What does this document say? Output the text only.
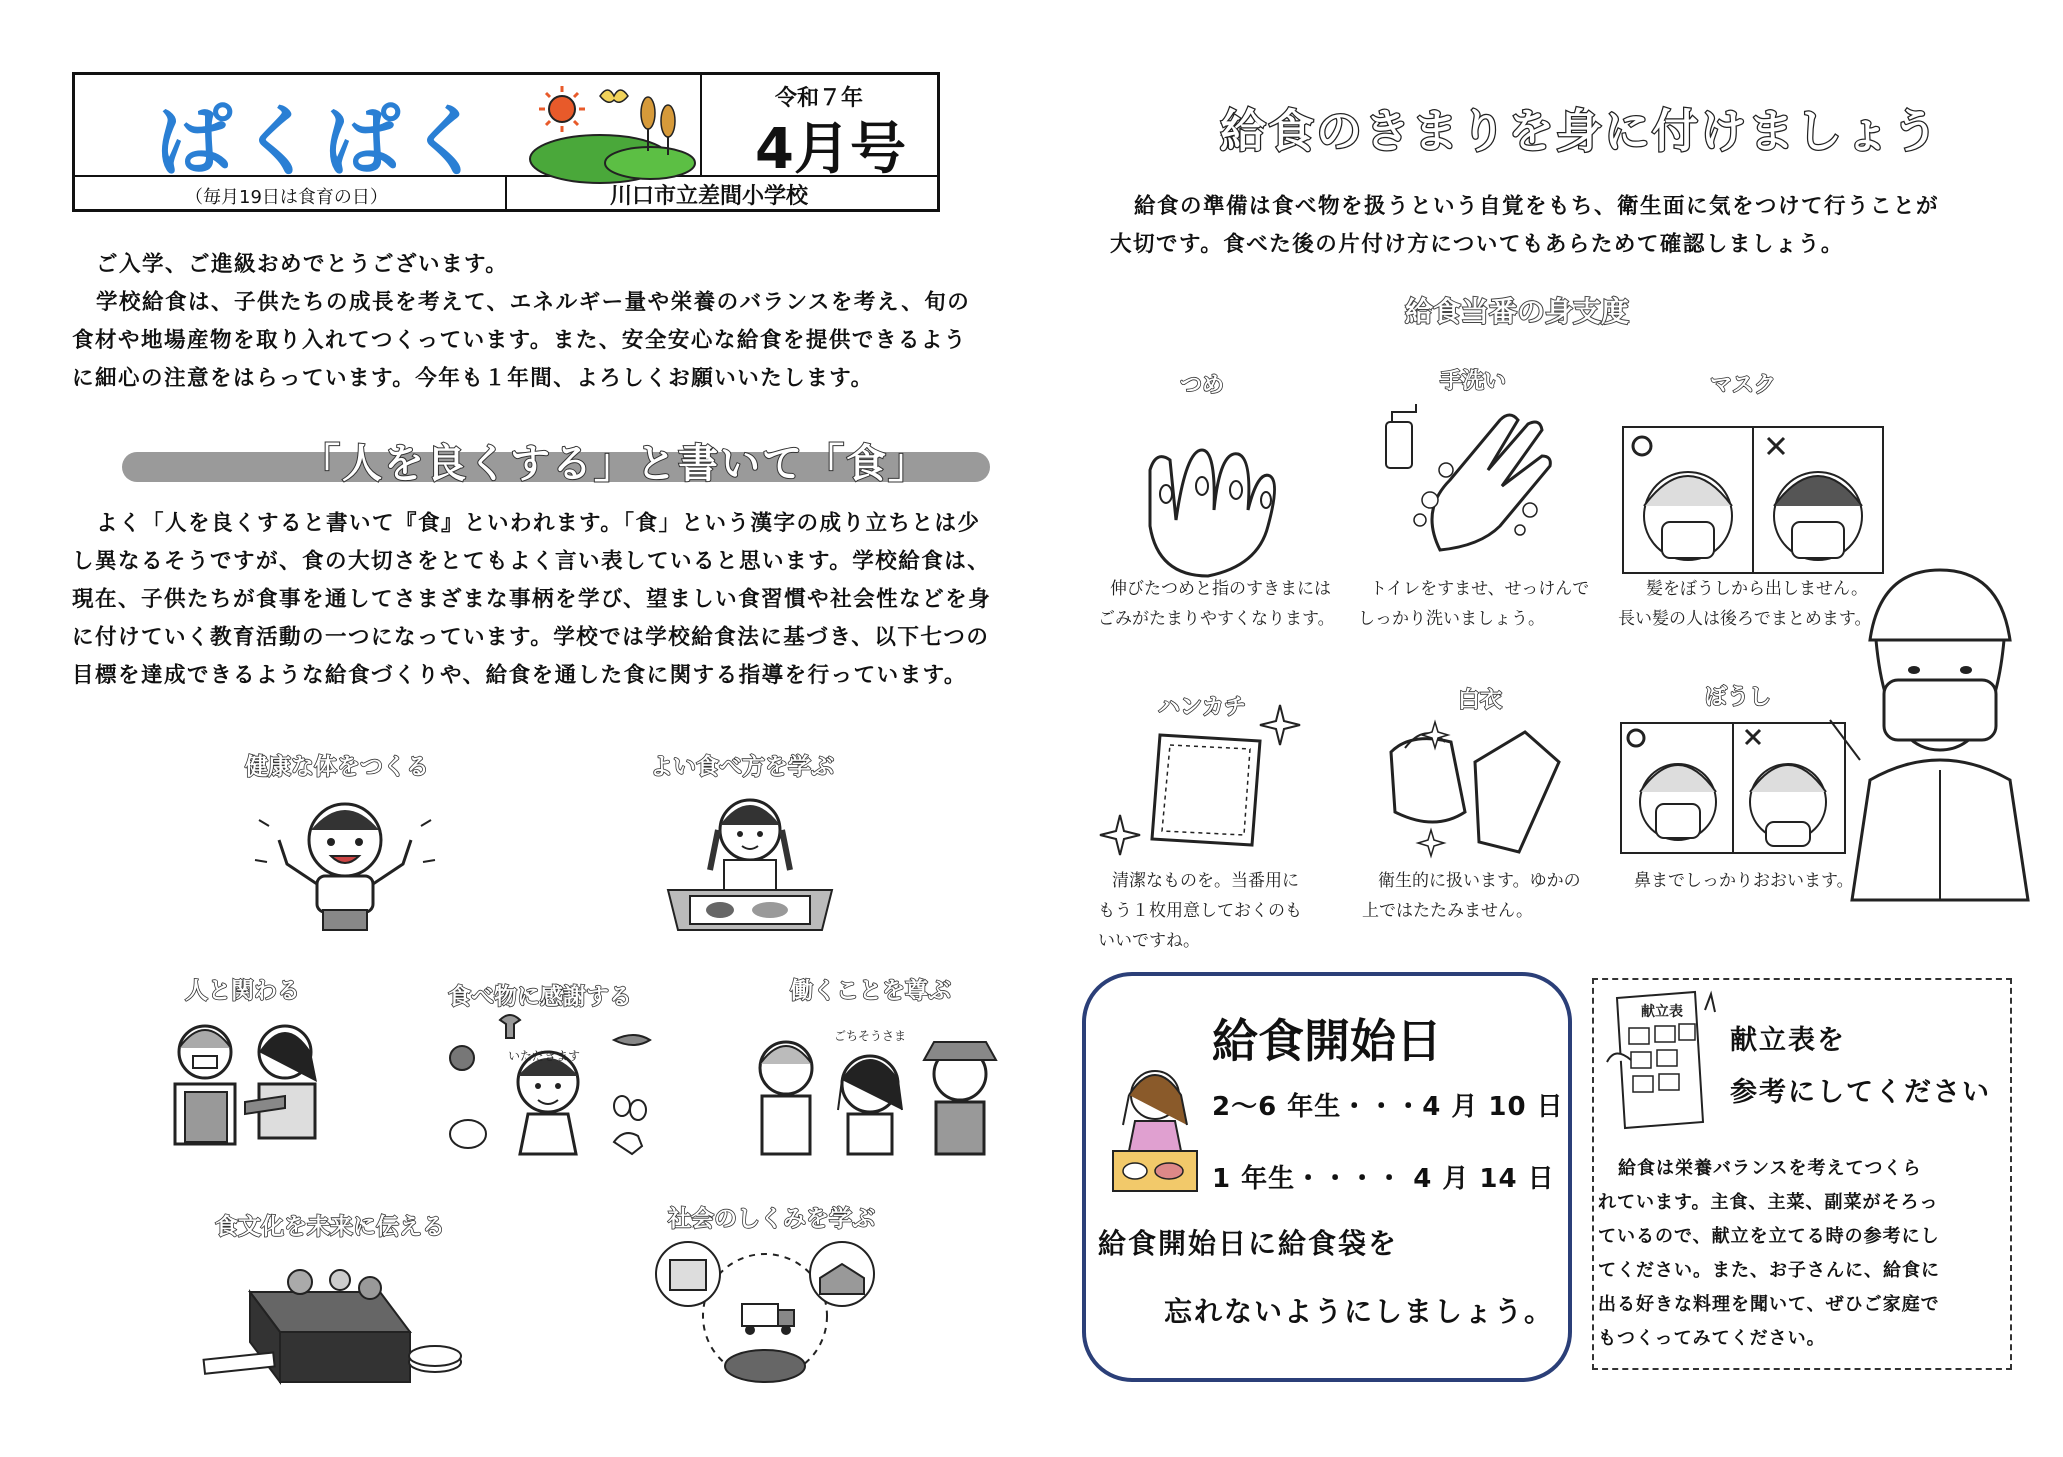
ぱくぱく	令和７年
4月号
（毎月19日は食育の日）	川口市立差間小学校
ご入学、ご進級おめでとうございます。
学校給食は、子供たちの成長を考えて、エネルギー量や栄養のバランスを考え、旬の
食材や地場産物を取り入れてつくっています。また、安全安心な給食を提供できるよう
に細心の注意をはらっています。今年も１年間、よろしくお願いいたします。
「人を良くする」と書いて「食」
よく「人を良くすると書いて『食』といわれます。「食」という漢字の成り立ちとは少
し異なるそうですが、食の大切さをとてもよく言い表していると思います。学校給食は、
現在、子供たちが食事を通してさまざまな事柄を学び、望ましい食習慣や社会性などを身
に付けていく教育活動の一つになっています。学校では学校給食法に基づき、以下七つの
目標を達成できるような給食づくりや、給食を通した食に関する指導を行っています。
健康な体をつくる	よい食べ方を学ぶ
人と関わる	食べ物に感謝する
いただきます
働くことを尊ぶ
ごちそうさま
食文化を未来に伝える	社会のしくみを学ぶ
給食のきまりを身に付けましょう
給食の準備は食べ物を扱うという自覚をもち、衛生面に気をつけて行うことが
大切です。食べた後の片付け方についてもあらためて確認しましょう。
給食当番の身支度
つめ	手洗い	マスク
伸びたつめと指のすきまには
ごみがたまりやすくなります。
トイレをすませ、せっけんで
しっかり洗いましょう。
髪をぼうしから出しません。
長い髪の人は後ろでまとめます。
ハンカチ	白衣	ぼうし
清潔なものを。当番用に
もう１枚用意しておくのも
いいですね。
衛生的に扱います。ゆかの
上ではたたみません。
鼻までしっかりおおいます。
給食開始日
2～6 年生・・・4 月 10 日
1 年生・・・・ 4 月 14 日
給食開始日に給食袋を
忘れないようにしましょう。
献立表
献立表を
参考にしてください
給食は栄養バランスを考えてつくら
れています。主食、主菜、副菜がそろっ
ているので、献立を立てる時の参考にし
てください。また、お子さんに、給食に
出る好きな料理を聞いて、ぜひご家庭で
もつくってみてください。
